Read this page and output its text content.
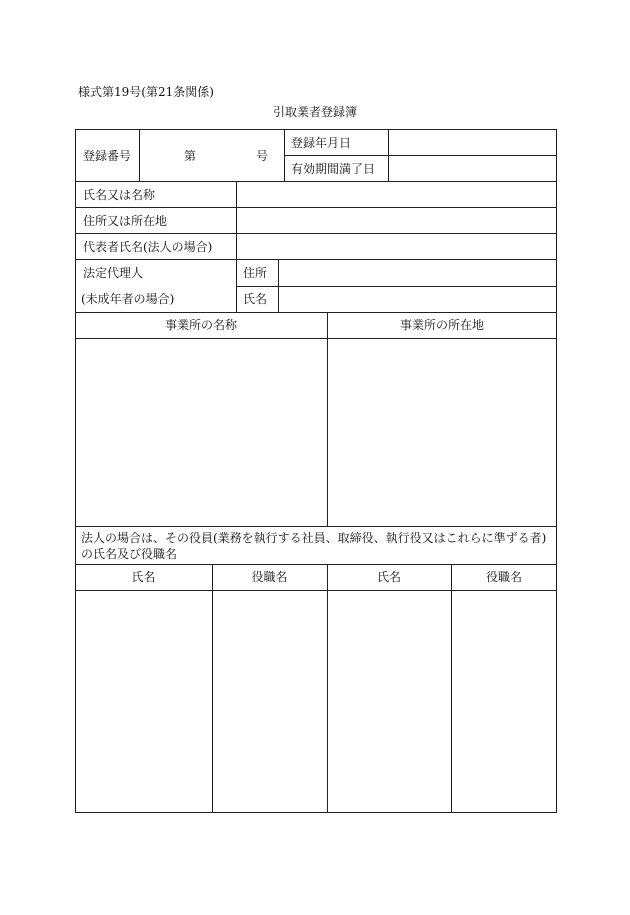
様式第19号(第21条関係)
引取業者登録簿
登録番号	第	号
登録年月日
有効期間満了日
氏名又は名称
住所又は所在地
代表者氏名(法人の場合)
法定代理人
(未成年者の場合)
住所
氏名
事業所の名称	事業所の所在地
法人の場合は、その役員(業務を執行する社員、取締役、執行役又はこれらに準ずる者)
の氏名及び役職名
氏名	役職名	氏名	役職名
